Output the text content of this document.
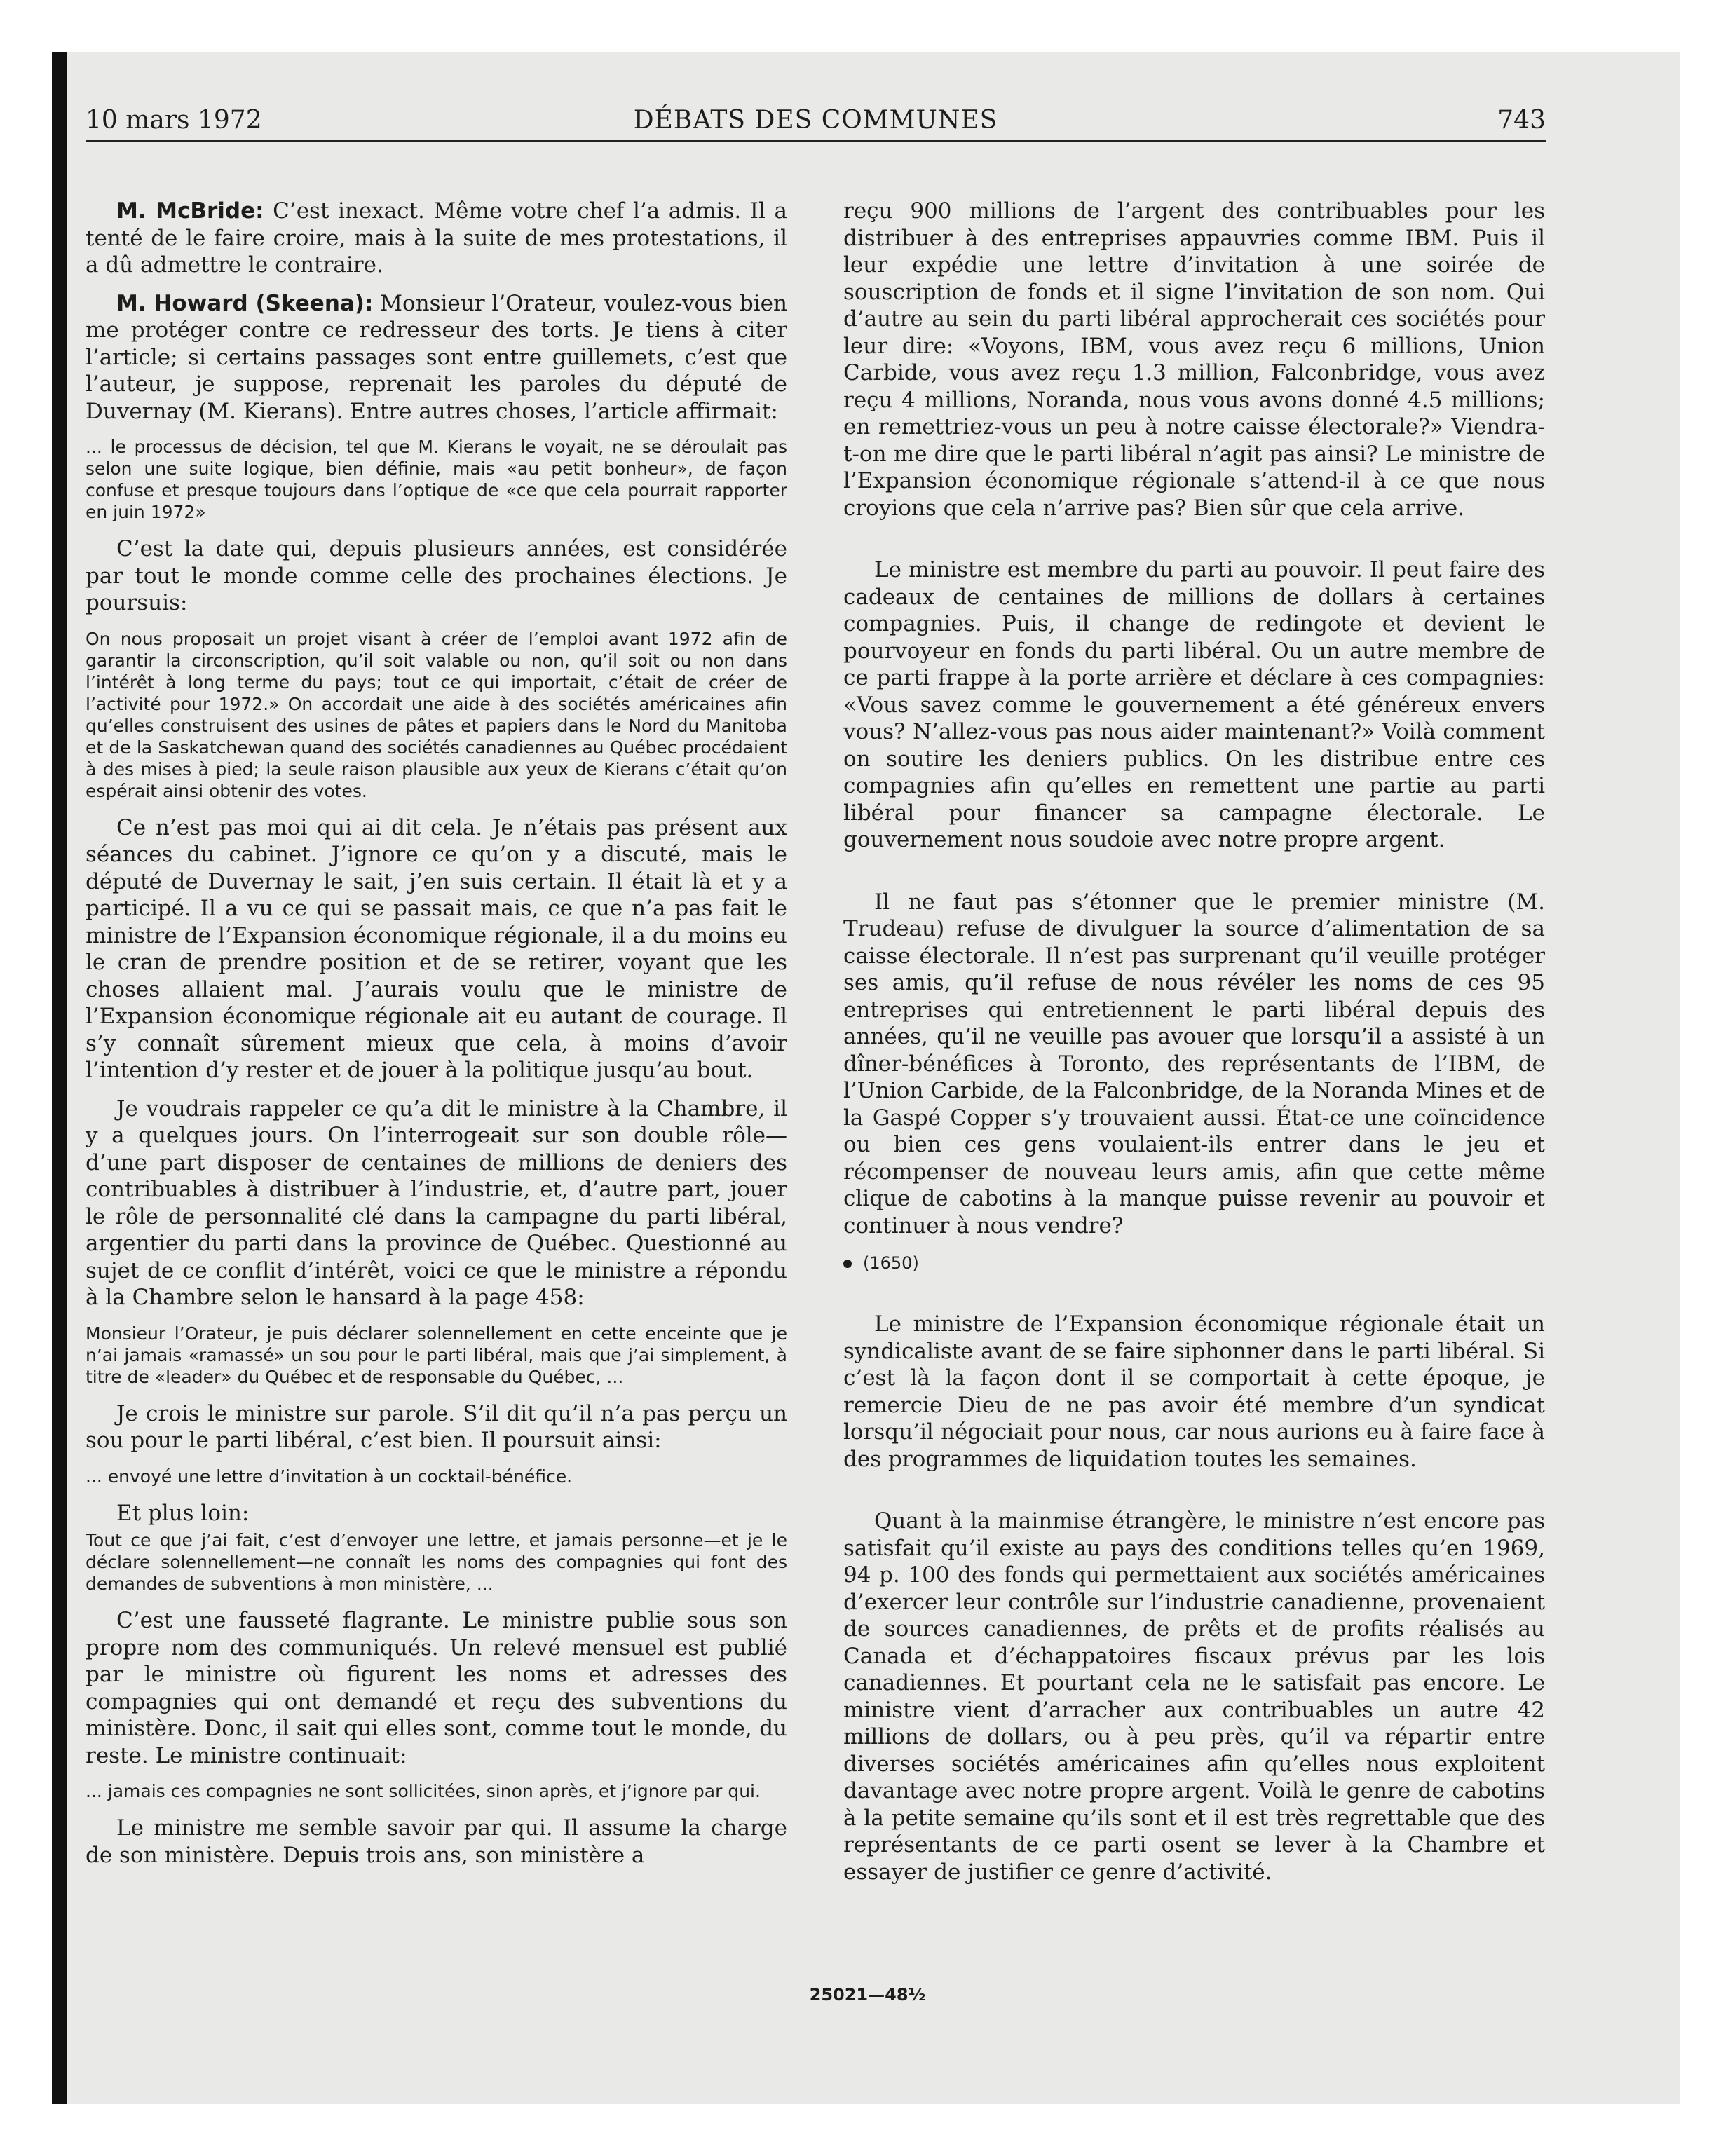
10 mars 1972	DÉBATS DES COMMUNES	743

M. McBride: C’est inexact. Même votre chef l’a admis. Il a tenté de le faire croire, mais à la suite de mes protestations, il a dû admettre le contraire.

M. Howard (Skeena): Monsieur l’Orateur, voulez-vous bien me protéger contre ce redresseur des torts. Je tiens à citer l’article; si certains passages sont entre guillemets, c’est que l’auteur, je suppose, reprenait les paroles du député de Duvernay (M. Kierans). Entre autres choses, l’article affirmait:

... le processus de décision, tel que M. Kierans le voyait, ne se déroulait pas selon une suite logique, bien définie, mais «au petit bonheur», de façon confuse et presque toujours dans l’optique de «ce que cela pourrait rapporter en juin 1972»

C’est la date qui, depuis plusieurs années, est considérée par tout le monde comme celle des prochaines élections. Je poursuis:

On nous proposait un projet visant à créer de l’emploi avant 1972 afin de garantir la circonscription, qu’il soit valable ou non, qu’il soit ou non dans l’intérêt à long terme du pays; tout ce qui importait, c’était de créer de l’activité pour 1972.» On accordait une aide à des sociétés américaines afin qu’elles construisent des usines de pâtes et papiers dans le Nord du Manitoba et de la Saskatchewan quand des sociétés canadiennes au Québec procédaient à des mises à pied; la seule raison plausible aux yeux de Kierans c’était qu’on espérait ainsi obtenir des votes.

Ce n’est pas moi qui ai dit cela. Je n’étais pas présent aux séances du cabinet. J’ignore ce qu’on y a discuté, mais le député de Duvernay le sait, j’en suis certain. Il était là et y a participé. Il a vu ce qui se passait mais, ce que n’a pas fait le ministre de l’Expansion économique régionale, il a du moins eu le cran de prendre position et de se retirer, voyant que les choses allaient mal. J’aurais voulu que le ministre de l’Expansion économique régionale ait eu autant de courage. Il s’y connaît sûrement mieux que cela, à moins d’avoir l’intention d’y rester et de jouer à la politique jusqu’au bout.

Je voudrais rappeler ce qu’a dit le ministre à la Chambre, il y a quelques jours. On l’interrogeait sur son double rôle—d’une part disposer de centaines de millions de deniers des contribuables à distribuer à l’industrie, et, d’autre part, jouer le rôle de personnalité clé dans la campagne du parti libéral, argentier du parti dans la province de Québec. Questionné au sujet de ce conflit d’intérêt, voici ce que le ministre a répondu à la Chambre selon le hansard à la page 458:

Monsieur l’Orateur, je puis déclarer solennellement en cette enceinte que je n’ai jamais «ramassé» un sou pour le parti libéral, mais que j’ai simplement, à titre de «leader» du Québec et de responsable du Québec, ...

Je crois le ministre sur parole. S’il dit qu’il n’a pas perçu un sou pour le parti libéral, c’est bien. Il poursuit ainsi:

... envoyé une lettre d’invitation à un cocktail-bénéfice.

Et plus loin:

Tout ce que j’ai fait, c’est d’envoyer une lettre, et jamais personne—et je le déclare solennellement—ne connaît les noms des compagnies qui font des demandes de subventions à mon ministère, ...

C’est une fausseté flagrante. Le ministre publie sous son propre nom des communiqués. Un relevé mensuel est publié par le ministre où figurent les noms et adresses des compagnies qui ont demandé et reçu des subventions du ministère. Donc, il sait qui elles sont, comme tout le monde, du reste. Le ministre continuait:

... jamais ces compagnies ne sont sollicitées, sinon après, et j’ignore par qui.

Le ministre me semble savoir par qui. Il assume la charge de son ministère. Depuis trois ans, son ministère a

reçu 900 millions de l’argent des contribuables pour les distribuer à des entreprises appauvries comme IBM. Puis il leur expédie une lettre d’invitation à une soirée de souscription de fonds et il signe l’invitation de son nom. Qui d’autre au sein du parti libéral approcherait ces sociétés pour leur dire: «Voyons, IBM, vous avez reçu 6 millions, Union Carbide, vous avez reçu 1.3 million, Falconbridge, vous avez reçu 4 millions, Noranda, nous vous avons donné 4.5 millions; en remettriez-vous un peu à notre caisse électorale?» Viendra-t-on me dire que le parti libéral n’agit pas ainsi? Le ministre de l’Expansion économique régionale s’attend-il à ce que nous croyions que cela n’arrive pas? Bien sûr que cela arrive.

Le ministre est membre du parti au pouvoir. Il peut faire des cadeaux de centaines de millions de dollars à certaines compagnies. Puis, il change de redingote et devient le pourvoyeur en fonds du parti libéral. Ou un autre membre de ce parti frappe à la porte arrière et déclare à ces compagnies: «Vous savez comme le gouvernement a été généreux envers vous? N’allez-vous pas nous aider maintenant?» Voilà comment on soutire les deniers publics. On les distribue entre ces compagnies afin qu’elles en remettent une partie au parti libéral pour financer sa campagne électorale. Le gouvernement nous soudoie avec notre propre argent.

Il ne faut pas s’étonner que le premier ministre (M. Trudeau) refuse de divulguer la source d’alimentation de sa caisse électorale. Il n’est pas surprenant qu’il veuille protéger ses amis, qu’il refuse de nous révéler les noms de ces 95 entreprises qui entretiennent le parti libéral depuis des années, qu’il ne veuille pas avouer que lorsqu’il a assisté à un dîner-bénéfices à Toronto, des représentants de l’IBM, de l’Union Carbide, de la Falconbridge, de la Noranda Mines et de la Gaspé Copper s’y trouvaient aussi. État-ce une coïncidence ou bien ces gens voulaient-ils entrer dans le jeu et récompenser de nouveau leurs amis, afin que cette même clique de cabotins à la manque puisse revenir au pouvoir et continuer à nous vendre?

(1650)

Le ministre de l’Expansion économique régionale était un syndicaliste avant de se faire siphonner dans le parti libéral. Si c’est là la façon dont il se comportait à cette époque, je remercie Dieu de ne pas avoir été membre d’un syndicat lorsqu’il négociait pour nous, car nous aurions eu à faire face à des programmes de liquidation toutes les semaines.

Quant à la mainmise étrangère, le ministre n’est encore pas satisfait qu’il existe au pays des conditions telles qu’en 1969, 94 p. 100 des fonds qui permettaient aux sociétés américaines d’exercer leur contrôle sur l’industrie canadienne, provenaient de sources canadiennes, de prêts et de profits réalisés au Canada et d’échappatoires fiscaux prévus par les lois canadiennes. Et pourtant cela ne le satisfait pas encore. Le ministre vient d’arracher aux contribuables un autre 42 millions de dollars, ou à peu près, qu’il va répartir entre diverses sociétés américaines afin qu’elles nous exploitent davantage avec notre propre argent. Voilà le genre de cabotins à la petite semaine qu’ils sont et il est très regrettable que des représentants de ce parti osent se lever à la Chambre et essayer de justifier ce genre d’activité.

25021—48½
